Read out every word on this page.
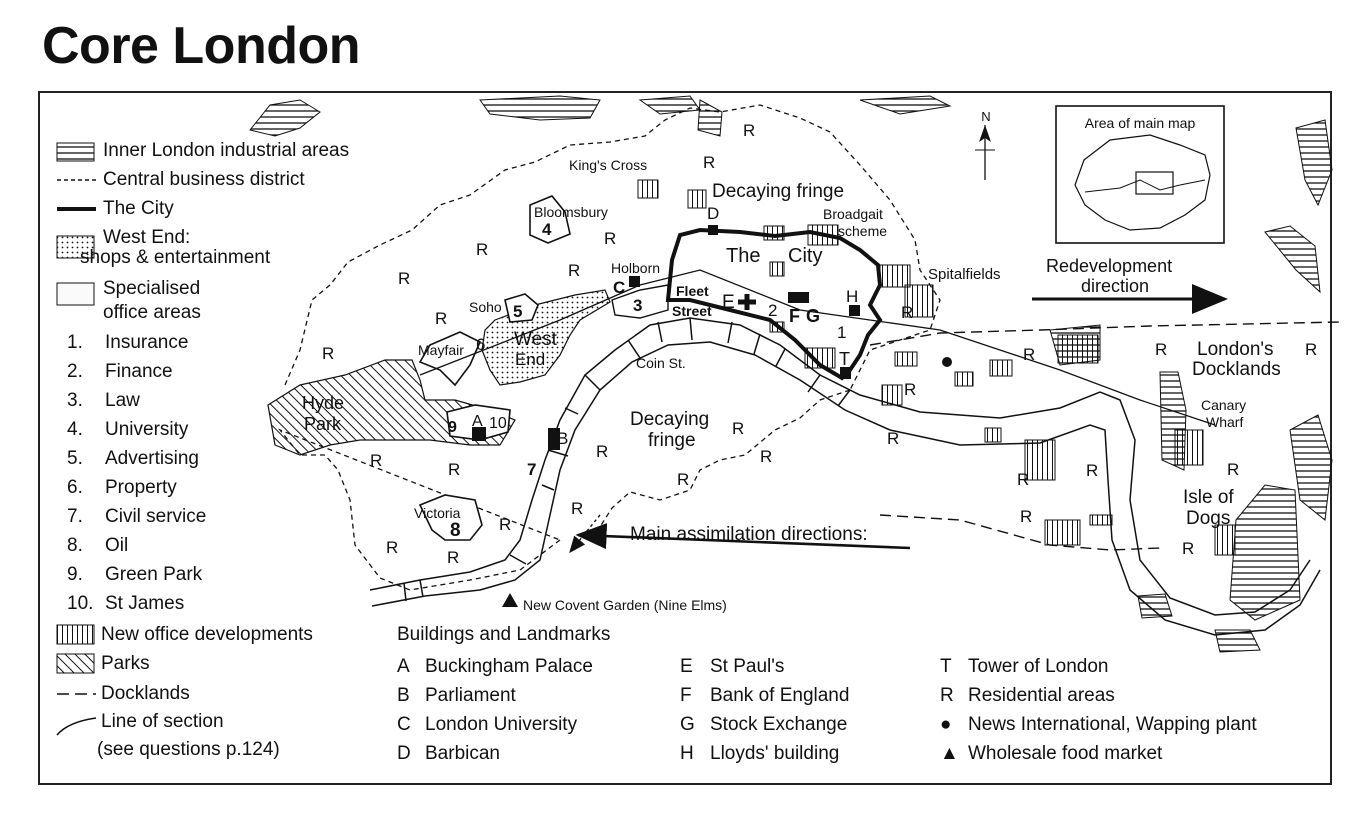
Core London
N	Area of main map
King's Cross
Bloomsbury
Decaying fringe
Broadgait
scheme
Spitalfields
Holborn
The City
Fleet
Street
Soho
Mayfair	West
End	Coin St.
Hyde
Park	Decaying
fringe
Victoria
Redevelopment
direction
London's
Docklands
Canary
Wharf
Isle of
Dogs
Main assimilation directions:
New Covent Garden (Nine Elms)
D
C
E
F G
H
T
A
B
1
2
3
4
5
6
7
8
9 10
R
R
R
R
R	R
R
R
R
R
R
R	R
R
R
R	R
R
R	R
R	R	R
R
R
R
R
R	R
Inner London industrial areas
Central business district
The City
West End:
shops & entertainment
Specialised
office areas
1. Insurance
2. Finance
3. Law
4. University
5. Advertising
6. Property
7. Civil service
8. Oil
9. Green Park
10. St James
New office developments
Parks
Docklands
Line of section
(see questions p.124)
Buildings and Landmarks
A Buckingham Palace
B Parliament
C London University
D Barbican
E St Paul's
F Bank of England
G Stock Exchange
H Lloyds' building
T Tower of London
R Residential areas
● News International, Wapping plant
▲ Wholesale food market
